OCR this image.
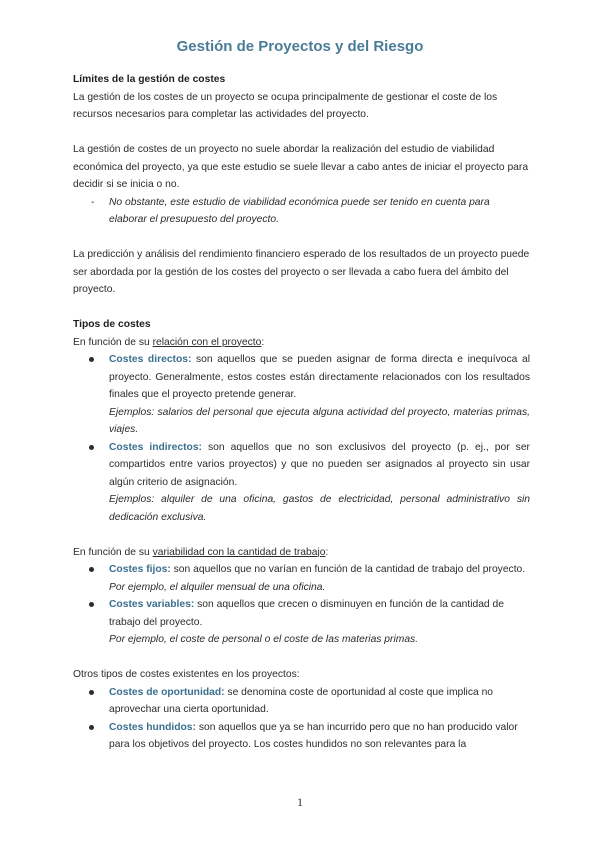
Gestión de Proyectos y del Riesgo

Límites de la gestión de costes

La gestión de los costes de un proyecto se ocupa principalmente de gestionar el coste de los recursos necesarios para completar las actividades del proyecto.

La gestión de costes de un proyecto no suele abordar la realización del estudio de viabilidad económica del proyecto, ya que este estudio se suele llevar a cabo antes de iniciar el proyecto para decidir si se inicia o no.

- No obstante, este estudio de viabilidad económica puede ser tenido en cuenta para elaborar el presupuesto del proyecto.

La predicción y análisis del rendimiento financiero esperado de los resultados de un proyecto puede ser abordada por la gestión de los costes del proyecto o ser llevada a cabo fuera del ámbito del proyecto.

Tipos de costes

En función de su relación con el proyecto:

Costes directos: son aquellos que se pueden asignar de forma directa e inequívoca al proyecto. Generalmente, estos costes están directamente relacionados con los resultados finales que el proyecto pretende generar.
Ejemplos: salarios del personal que ejecuta alguna actividad del proyecto, materias primas, viajes.
Costes indirectos: son aquellos que no son exclusivos del proyecto (p. ej., por ser compartidos entre varios proyectos) y que no pueden ser asignados al proyecto sin usar algún criterio de asignación.
Ejemplos: alquiler de una oficina, gastos de electricidad, personal administrativo sin dedicación exclusiva.

En función de su variabilidad con la cantidad de trabajo:

Costes fijos: son aquellos que no varían en función de la cantidad de trabajo del proyecto.
Por ejemplo, el alquiler mensual de una oficina.
Costes variables: son aquellos que crecen o disminuyen en función de la cantidad de trabajo del proyecto.
Por ejemplo, el coste de personal o el coste de las materias primas.

Otros tipos de costes existentes en los proyectos:

Costes de oportunidad: se denomina coste de oportunidad al coste que implica no aprovechar una cierta oportunidad.
Costes hundidos: son aquellos que ya se han incurrido pero que no han producido valor para los objetivos del proyecto. Los costes hundidos no son relevantes para la
1
